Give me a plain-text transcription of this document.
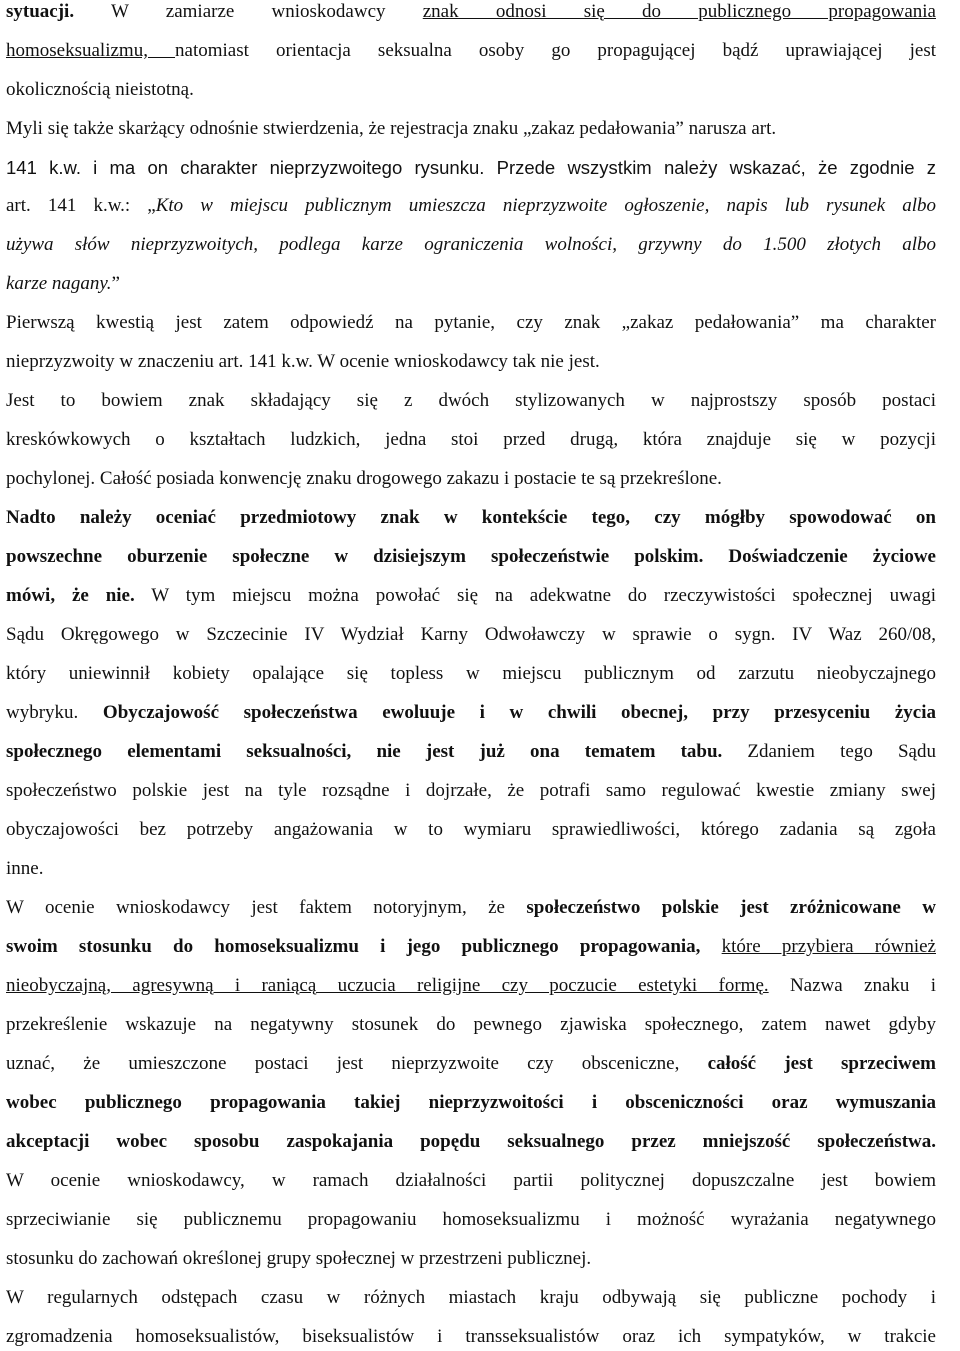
sytuacji. W zamiarze wnioskodawcy znak odnosi się do publicznego propagowania
homoseksualizmu, natomiast orientacja seksualna osoby go propagującej bądź uprawiającej jest
okolicznością nieistotną.
Myli się także skarżący odnośnie stwierdzenia, że rejestracja znaku „zakaz pedałowania” narusza art.
141 k.w. i ma on charakter nieprzyzwoitego rysunku. Przede wszystkim należy wskazać, że zgodnie z
art. 141 k.w.: „Kto w miejscu publicznym umieszcza nieprzyzwoite ogłoszenie, napis lub rysunek albo
używa słów nieprzyzwoitych, podlega karze ograniczenia wolności, grzywny do 1.500 złotych albo
karze nagany.”
Pierwszą kwestią jest zatem odpowiedź na pytanie, czy znak „zakaz pedałowania” ma charakter
nieprzyzwoity w znaczeniu art. 141 k.w. W ocenie wnioskodawcy tak nie jest.
Jest to bowiem znak składający się z dwóch stylizowanych w najprostszy sposób postaci
kreskówkowych o kształtach ludzkich, jedna stoi przed drugą, która znajduje się w pozycji
pochylonej. Całość posiada konwencję znaku drogowego zakazu i postacie te są przekreślone.
Nadto należy oceniać przedmiotowy znak w kontekście tego, czy mógłby spowodować on
powszechne oburzenie społeczne w dzisiejszym społeczeństwie polskim. Doświadczenie życiowe
mówi, że nie. W tym miejscu można powołać się na adekwatne do rzeczywistości społecznej uwagi
Sądu Okręgowego w Szczecinie IV Wydział Karny Odwoławczy w sprawie o sygn. IV Waz 260/08,
który uniewinnił kobiety opalające się topless w miejscu publicznym od zarzutu nieobyczajnego
wybryku. Obyczajowość społeczeństwa ewoluuje i w chwili obecnej, przy przesyceniu życia
społecznego elementami seksualności, nie jest już ona tematem tabu. Zdaniem tego Sądu
społeczeństwo polskie jest na tyle rozsądne i dojrzałe, że potrafi samo regulować kwestie zmiany swej
obyczajowości bez potrzeby angażowania w to wymiaru sprawiedliwości, którego zadania są zgoła
inne.
W ocenie wnioskodawcy jest faktem notoryjnym, że społeczeństwo polskie jest zróżnicowane w
swoim stosunku do homoseksualizmu i jego publicznego propagowania, które przybiera również
nieobyczajną, agresywną i raniącą uczucia religijne czy poczucie estetyki formę. Nazwa znaku i
przekreślenie wskazuje na negatywny stosunek do pewnego zjawiska społecznego, zatem nawet gdyby
uznać, że umieszczone postaci jest nieprzyzwoite czy obsceniczne, całość jest sprzeciwem
wobec publicznego propagowania takiej nieprzyzwoitości i obsceniczności oraz wymuszania
akceptacji wobec sposobu zaspokajania popędu seksualnego przez mniejszość społeczeństwa.
W ocenie wnioskodawcy, w ramach działalności partii politycznej dopuszczalne jest bowiem
sprzeciwianie się publicznemu propagowaniu homoseksualizmu i możność wyrażania negatywnego
stosunku do zachowań określonej grupy społecznej w przestrzeni publicznej.
W regularnych odstępach czasu w różnych miastach kraju odbywają się publiczne pochody i
zgromadzenia homoseksualistów, biseksualistów i transseksualistów oraz ich sympatyków, w trakcie
